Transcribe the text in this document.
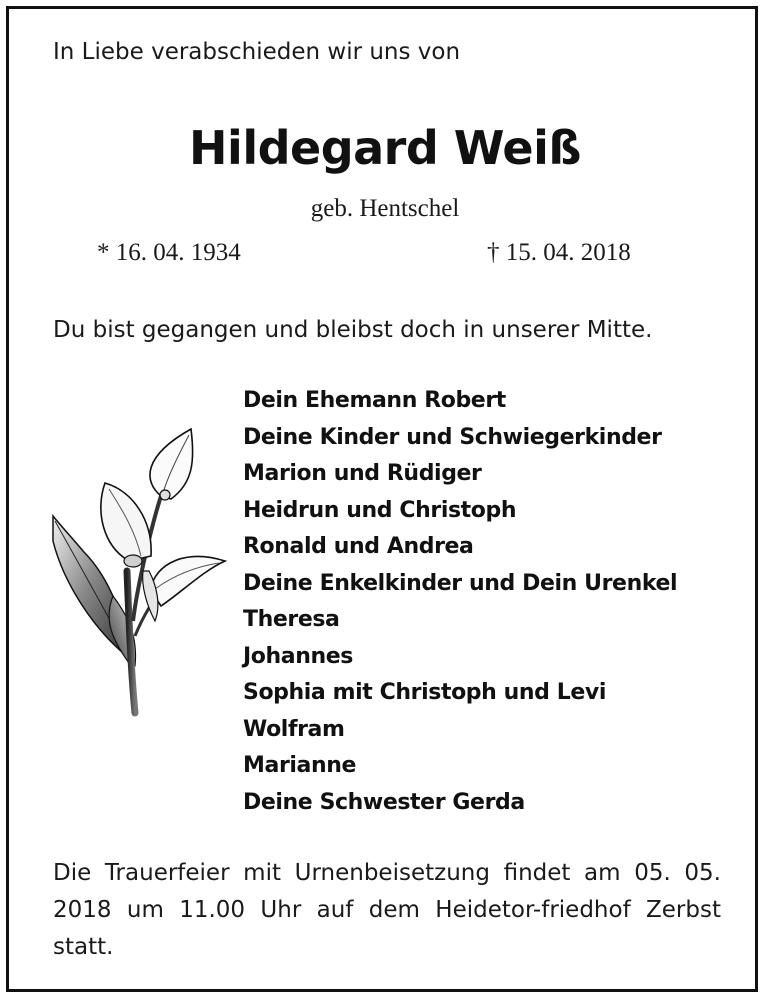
In Liebe verabschieden wir uns von
Hildegard Weiß
geb. Hentschel
* 16. 04. 1934	† 15. 04. 2018
Du bist gegangen und bleibst doch in unserer Mitte.
Dein Ehemann Robert
Deine Kinder und Schwiegerkinder
Marion und Rüdiger
Heidrun und Christoph
Ronald und Andrea
Deine Enkelkinder und Dein Urenkel
Theresa
Johannes
Sophia mit Christoph und Levi
Wolfram
Marianne
Deine Schwester Gerda
Die Trauerfeier mit Urnenbeisetzung findet am 05. 05. 2018 um 11.00 Uhr auf dem Heidetor-friedhof Zerbst statt.
